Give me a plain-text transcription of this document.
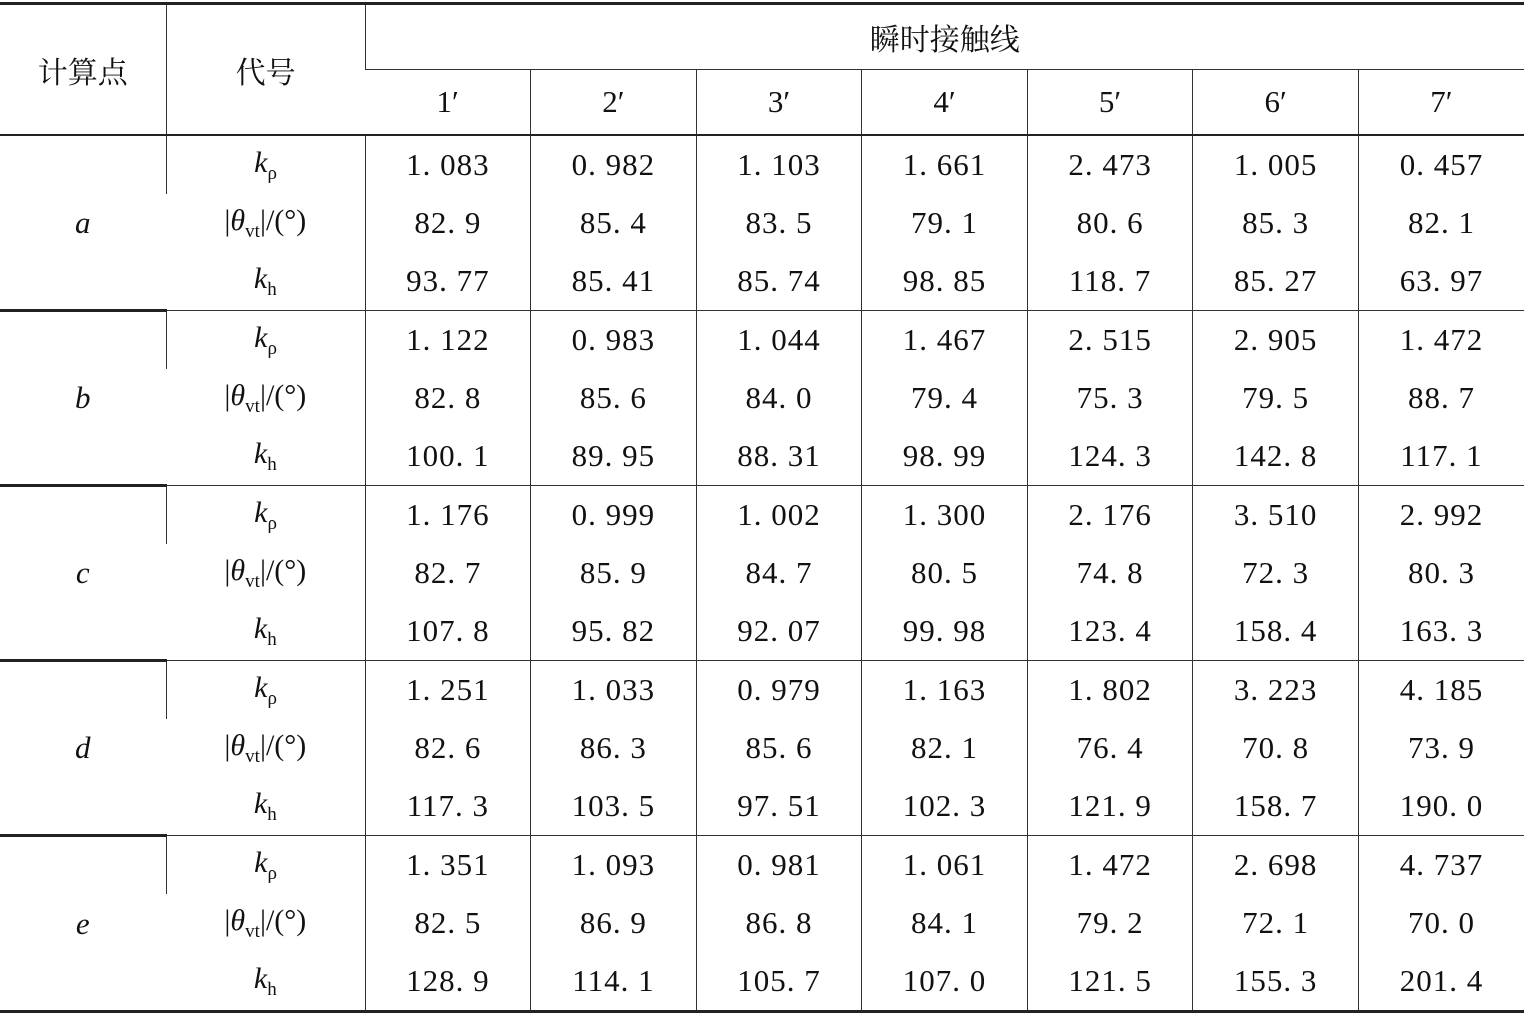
计算点	代号	瞬时接触线						
		1′	2′	3′	4′	5′	6′	7′
a	$k_\rho$	1. 083	0. 982	1. 103	1. 661	2. 473	1. 005	0. 457
	$|\theta_{vt}|/(^\circ)$	82. 9	85. 4	83. 5	79. 1	80. 6	85. 3	82. 1
	$k_h$	93. 77	85. 41	85. 74	98. 85	118. 7	85. 27	63. 97
b	$k_\rho$	1. 122	0. 983	1. 044	1. 467	2. 515	2. 905	1. 472
	$|\theta_{vt}|/(^\circ)$	82. 8	85. 6	84. 0	79. 4	75. 3	79. 5	88. 7
	$k_h$	100. 1	89. 95	88. 31	98. 99	124. 3	142. 8	117. 1
c	$k_\rho$	1. 176	0. 999	1. 002	1. 300	2. 176	3. 510	2. 992
	$|\theta_{vt}|/(^\circ)$	82. 7	85. 9	84. 7	80. 5	74. 8	72. 3	80. 3
	$k_h$	107. 8	95. 82	92. 07	99. 98	123. 4	158. 4	163. 3
d	$k_\rho$	1. 251	1. 033	0. 979	1. 163	1. 802	3. 223	4. 185
	$|\theta_{vt}|/(^\circ)$	82. 6	86. 3	85. 6	82. 1	76. 4	70. 8	73. 9
	$k_h$	117. 3	103. 5	97. 51	102. 3	121. 9	158. 7	190. 0
e	$k_\rho$	1. 351	1. 093	0. 981	1. 061	1. 472	2. 698	4. 737
	$|\theta_{vt}|/(^\circ)$	82. 5	86. 9	86. 8	84. 1	79. 2	72. 1	70. 0
	$k_h$	128. 9	114. 1	105. 7	107. 0	121. 5	155. 3	201. 4
